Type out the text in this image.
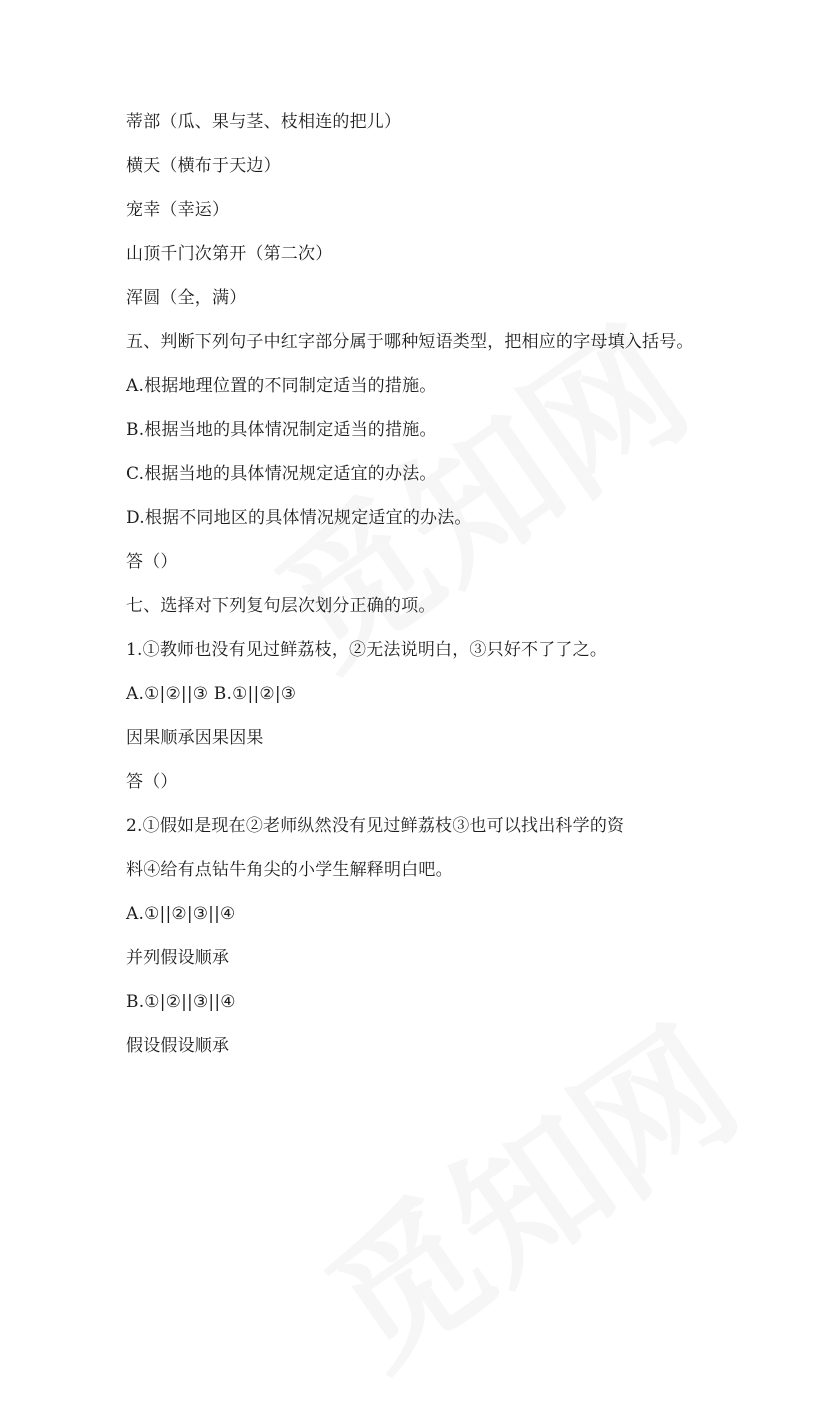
蒂部（瓜、果与茎、枝相连的把儿）
横天（横布于天边）
宠幸（幸运）
山顶千门次第开（第二次）
浑圆（全，满）
五、判断下列句子中红字部分属于哪种短语类型，把相应的字母填入括号。
A.根据地理位置的不同制定适当的措施。
B.根据当地的具体情况制定适当的措施。
C.根据当地的具体情况规定适宜的办法。
D.根据不同地区的具体情况规定适宜的办法。
答（）
七、选择对下列复句层次划分正确的项。
1.①教师也没有见过鲜荔枝，②无法说明白，③只好不了了之。
A.①|②||③ B.①||②|③
因果顺承因果因果
答（）
2.①假如是现在②老师纵然没有见过鲜荔枝③也可以找出科学的资
料④给有点钻牛角尖的小学生解释明白吧。
A.①||②|③||④
并列假设顺承
B.①|②||③||④
假设假设顺承
